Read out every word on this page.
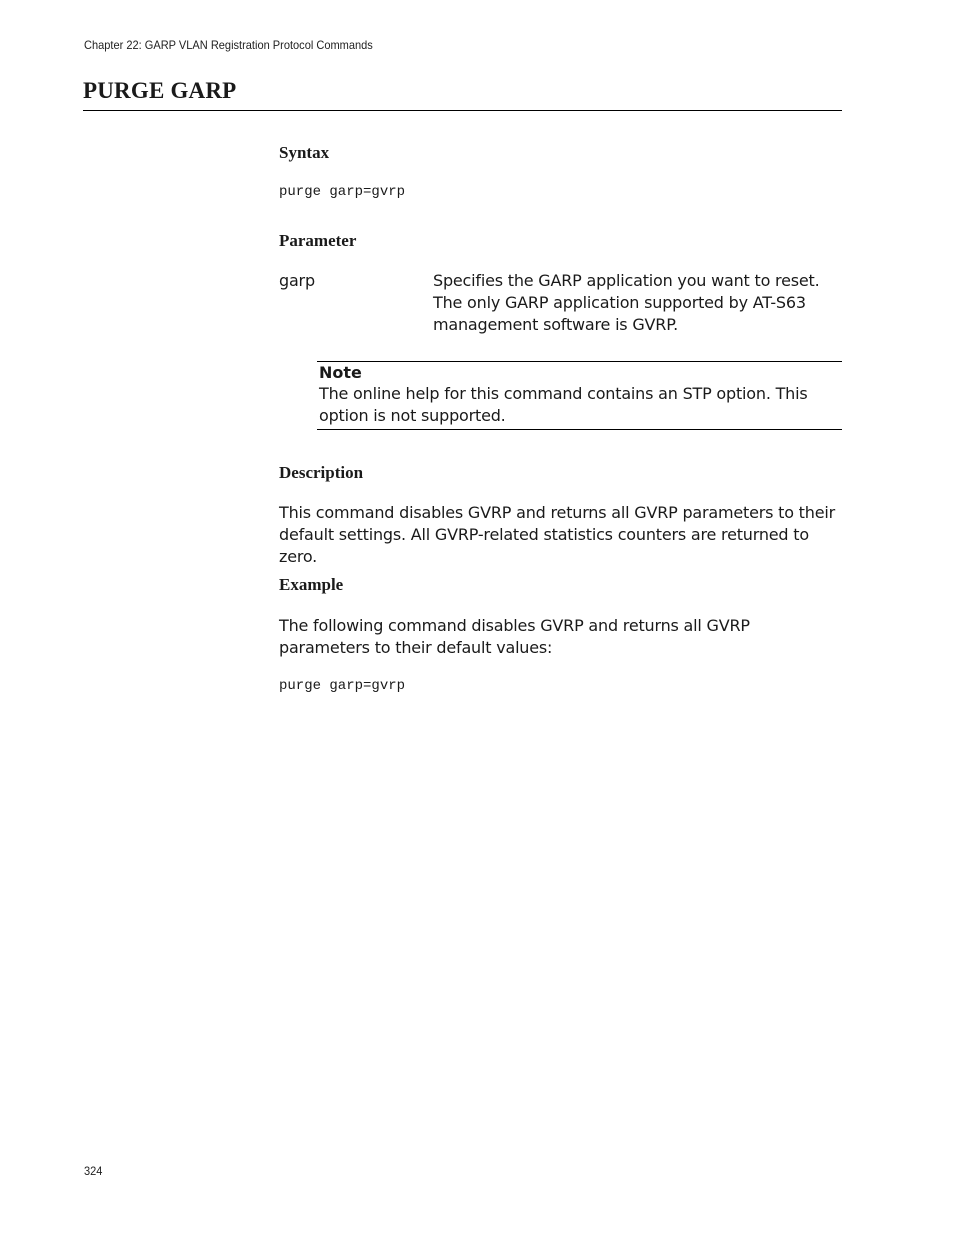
Chapter 22: GARP VLAN Registration Protocol Commands
PURGE GARP
Syntax
purge garp=gvrp
Parameter
garp	Specifies the GARP application you want to reset. The only GARP application supported by AT-S63 management software is GVRP.
Note
The online help for this command contains an STP option. This option is not supported.
Description
This command disables GVRP and returns all GVRP parameters to their default settings. All GVRP-related statistics counters are returned to zero.
Example
The following command disables GVRP and returns all GVRP parameters to their default values:
purge garp=gvrp
324
